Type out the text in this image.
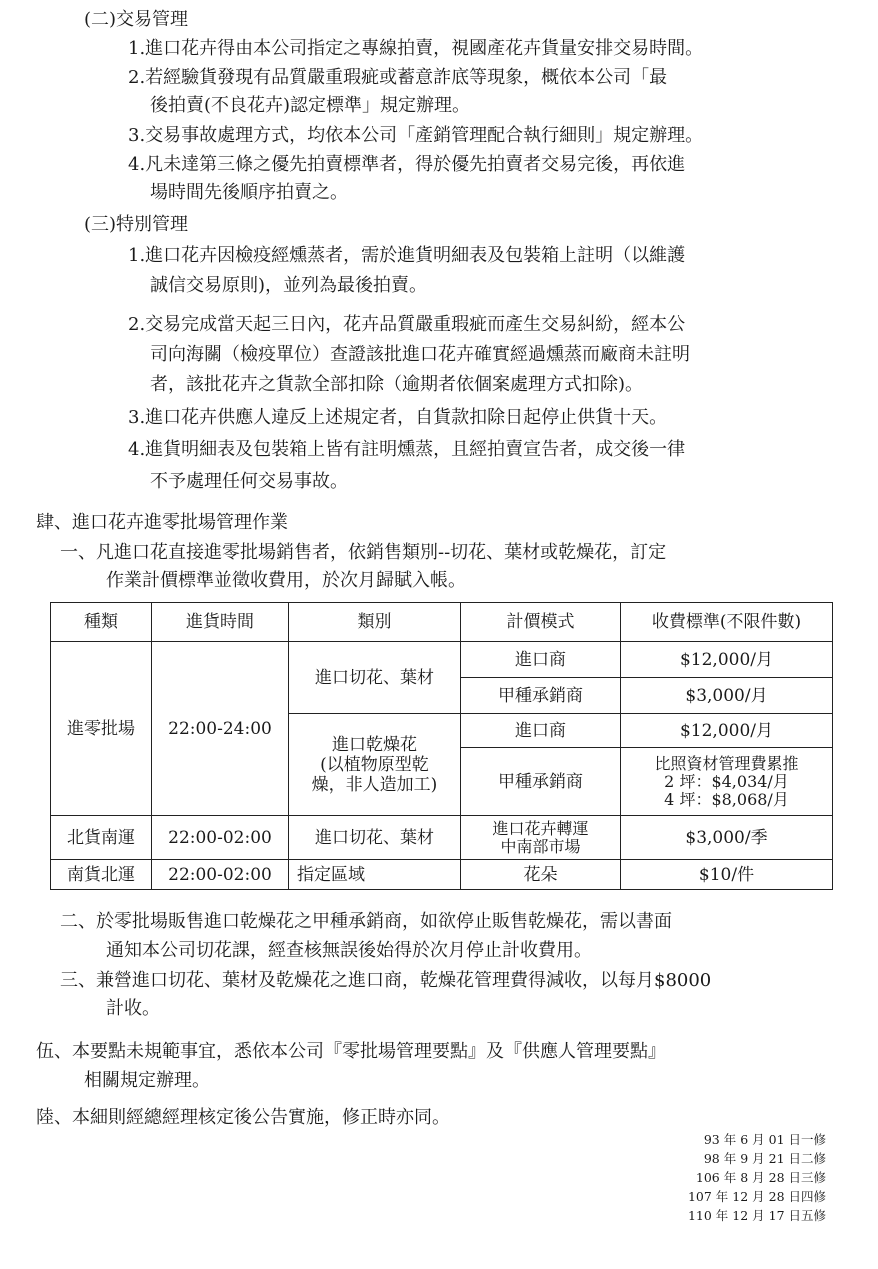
(二)交易管理
1.進口花卉得由本公司指定之專線拍賣，視國產花卉貨量安排交易時間。
2.若經驗貨發現有品質嚴重瑕疵或蓄意詐底等現象，概依本公司「最
後拍賣(不良花卉)認定標準」規定辦理。
3.交易事故處理方式，均依本公司「產銷管理配合執行細則」規定辦理。
4.凡未達第三條之優先拍賣標準者，得於優先拍賣者交易完後，再依進
場時間先後順序拍賣之。
(三)特別管理
1.進口花卉因檢疫經燻蒸者，需於進貨明細表及包裝箱上註明（以維護
誠信交易原則)，並列為最後拍賣。
2.交易完成當天起三日內，花卉品質嚴重瑕疵而產生交易糾紛，經本公
司向海關（檢疫單位）查證該批進口花卉確實經過燻蒸而廠商未註明
者，該批花卉之貨款全部扣除（逾期者依個案處理方式扣除)。
3.進口花卉供應人違反上述規定者，自貨款扣除日起停止供貨十天。
4.進貨明細表及包裝箱上皆有註明燻蒸，且經拍賣宣告者，成交後一律
不予處理任何交易事故。
肆、進口花卉進零批場管理作業
一、凡進口花直接進零批場銷售者，依銷售類別--切花、葉材或乾燥花，訂定
作業計價標準並徵收費用，於次月歸賦入帳。
種類	進貨時間	類別	計價模式	收費標準(不限件數)
進零批場	22:00-24:00	進口切花、葉材	進口商	$12,000/月
			甲種承銷商	$3,000/月

		進口乾燥花
(以植物原型乾
燥，非人造加工)	進口商	$12,000/月
			甲種承銷商	比照資材管理費累推
2 坪：$4,034/月
4 坪：$8,068/月

北貨南運	22:00-02:00	進口切花、葉材	進口花卉轉運
中南部市場	$3,000/季
南貨北運	22:00-02:00	指定區域	花朵	$10/件
二、於零批場販售進口乾燥花之甲種承銷商，如欲停止販售乾燥花，需以書面
通知本公司切花課，經查核無誤後始得於次月停止計收費用。
三、兼營進口切花、葉材及乾燥花之進口商，乾燥花管理費得減收，以每月$8000
計收。
伍、本要點未規範事宜，悉依本公司『零批場管理要點』及『供應人管理要點』
相關規定辦理。
陸、本細則經總經理核定後公告實施，修正時亦同。
93 年 6 月 01 日一修
98 年 9 月 21 日二修
106 年 8 月 28 日三修
107 年 12 月 28 日四修
110 年 12 月 17 日五修
